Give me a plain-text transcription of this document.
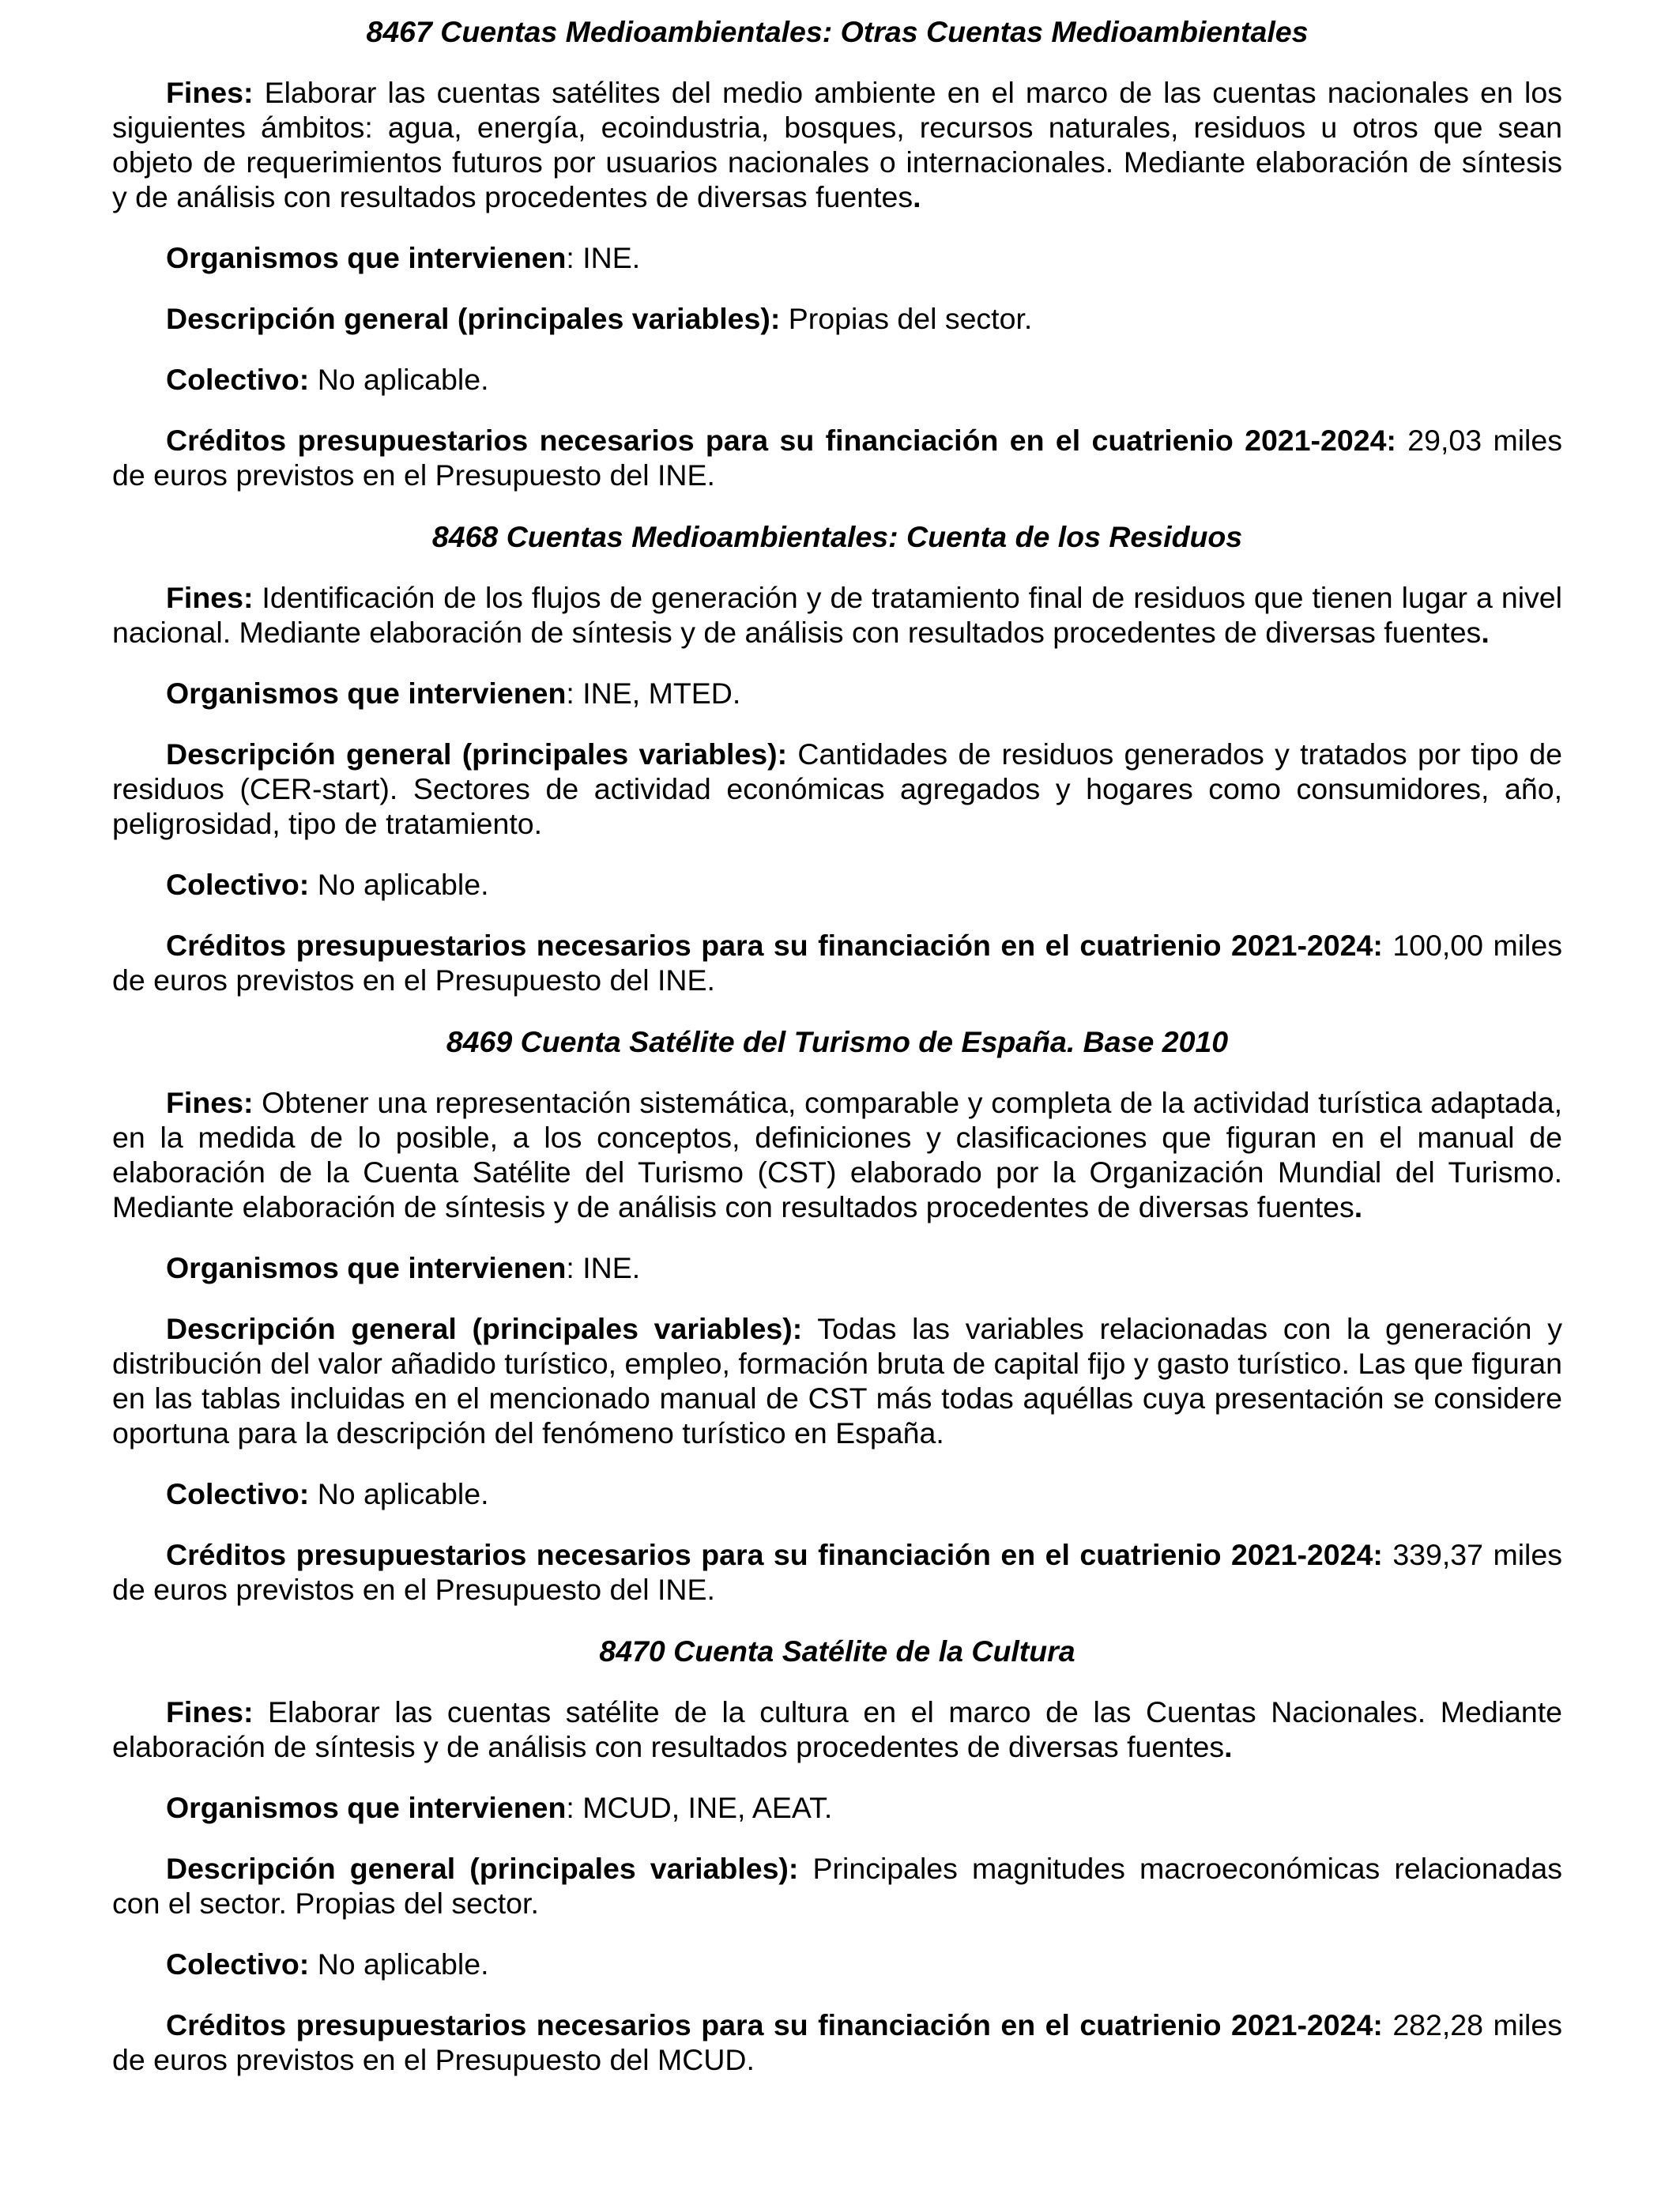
8467 Cuentas Medioambientales: Otras Cuentas Medioambientales

Fines: Elaborar las cuentas satélites del medio ambiente en el marco de las cuentas nacionales en los siguientes ámbitos: agua, energía, ecoindustria, bosques, recursos naturales, residuos u otros que sean objeto de requerimientos futuros por usuarios nacionales o internacionales. Mediante elaboración de síntesis y de análisis con resultados procedentes de diversas fuentes.

Organismos que intervienen: INE.

Descripción general (principales variables): Propias del sector.

Colectivo: No aplicable.

Créditos presupuestarios necesarios para su financiación en el cuatrienio 2021-2024: 29,03 miles de euros previstos en el Presupuesto del INE.

8468 Cuentas Medioambientales: Cuenta de los Residuos

Fines: Identificación de los flujos de generación y de tratamiento final de residuos que tienen lugar a nivel nacional. Mediante elaboración de síntesis y de análisis con resultados procedentes de diversas fuentes.

Organismos que intervienen: INE, MTED.

Descripción general (principales variables): Cantidades de residuos generados y tratados por tipo de residuos (CER-start). Sectores de actividad económicas agregados y hogares como consumidores, año, peligrosidad, tipo de tratamiento.

Colectivo: No aplicable.

Créditos presupuestarios necesarios para su financiación en el cuatrienio 2021-2024: 100,00 miles de euros previstos en el Presupuesto del INE.

8469 Cuenta Satélite del Turismo de España. Base 2010

Fines: Obtener una representación sistemática, comparable y completa de la actividad turística adaptada, en la medida de lo posible, a los conceptos, definiciones y clasificaciones que figuran en el manual de elaboración de la Cuenta Satélite del Turismo (CST) elaborado por la Organización Mundial del Turismo. Mediante elaboración de síntesis y de análisis con resultados procedentes de diversas fuentes.

Organismos que intervienen: INE.

Descripción general (principales variables): Todas las variables relacionadas con la generación y distribución del valor añadido turístico, empleo, formación bruta de capital fijo y gasto turístico. Las que figuran en las tablas incluidas en el mencionado manual de CST más todas aquéllas cuya presentación se considere oportuna para la descripción del fenómeno turístico en España.

Colectivo: No aplicable.

Créditos presupuestarios necesarios para su financiación en el cuatrienio 2021-2024: 339,37 miles de euros previstos en el Presupuesto del INE.

8470 Cuenta Satélite de la Cultura

Fines: Elaborar las cuentas satélite de la cultura en el marco de las Cuentas Nacionales. Mediante elaboración de síntesis y de análisis con resultados procedentes de diversas fuentes.

Organismos que intervienen: MCUD, INE, AEAT.

Descripción general (principales variables): Principales magnitudes macroeconómicas relacionadas con el sector. Propias del sector.

Colectivo: No aplicable.

Créditos presupuestarios necesarios para su financiación en el cuatrienio 2021-2024: 282,28 miles de euros previstos en el Presupuesto del MCUD.
